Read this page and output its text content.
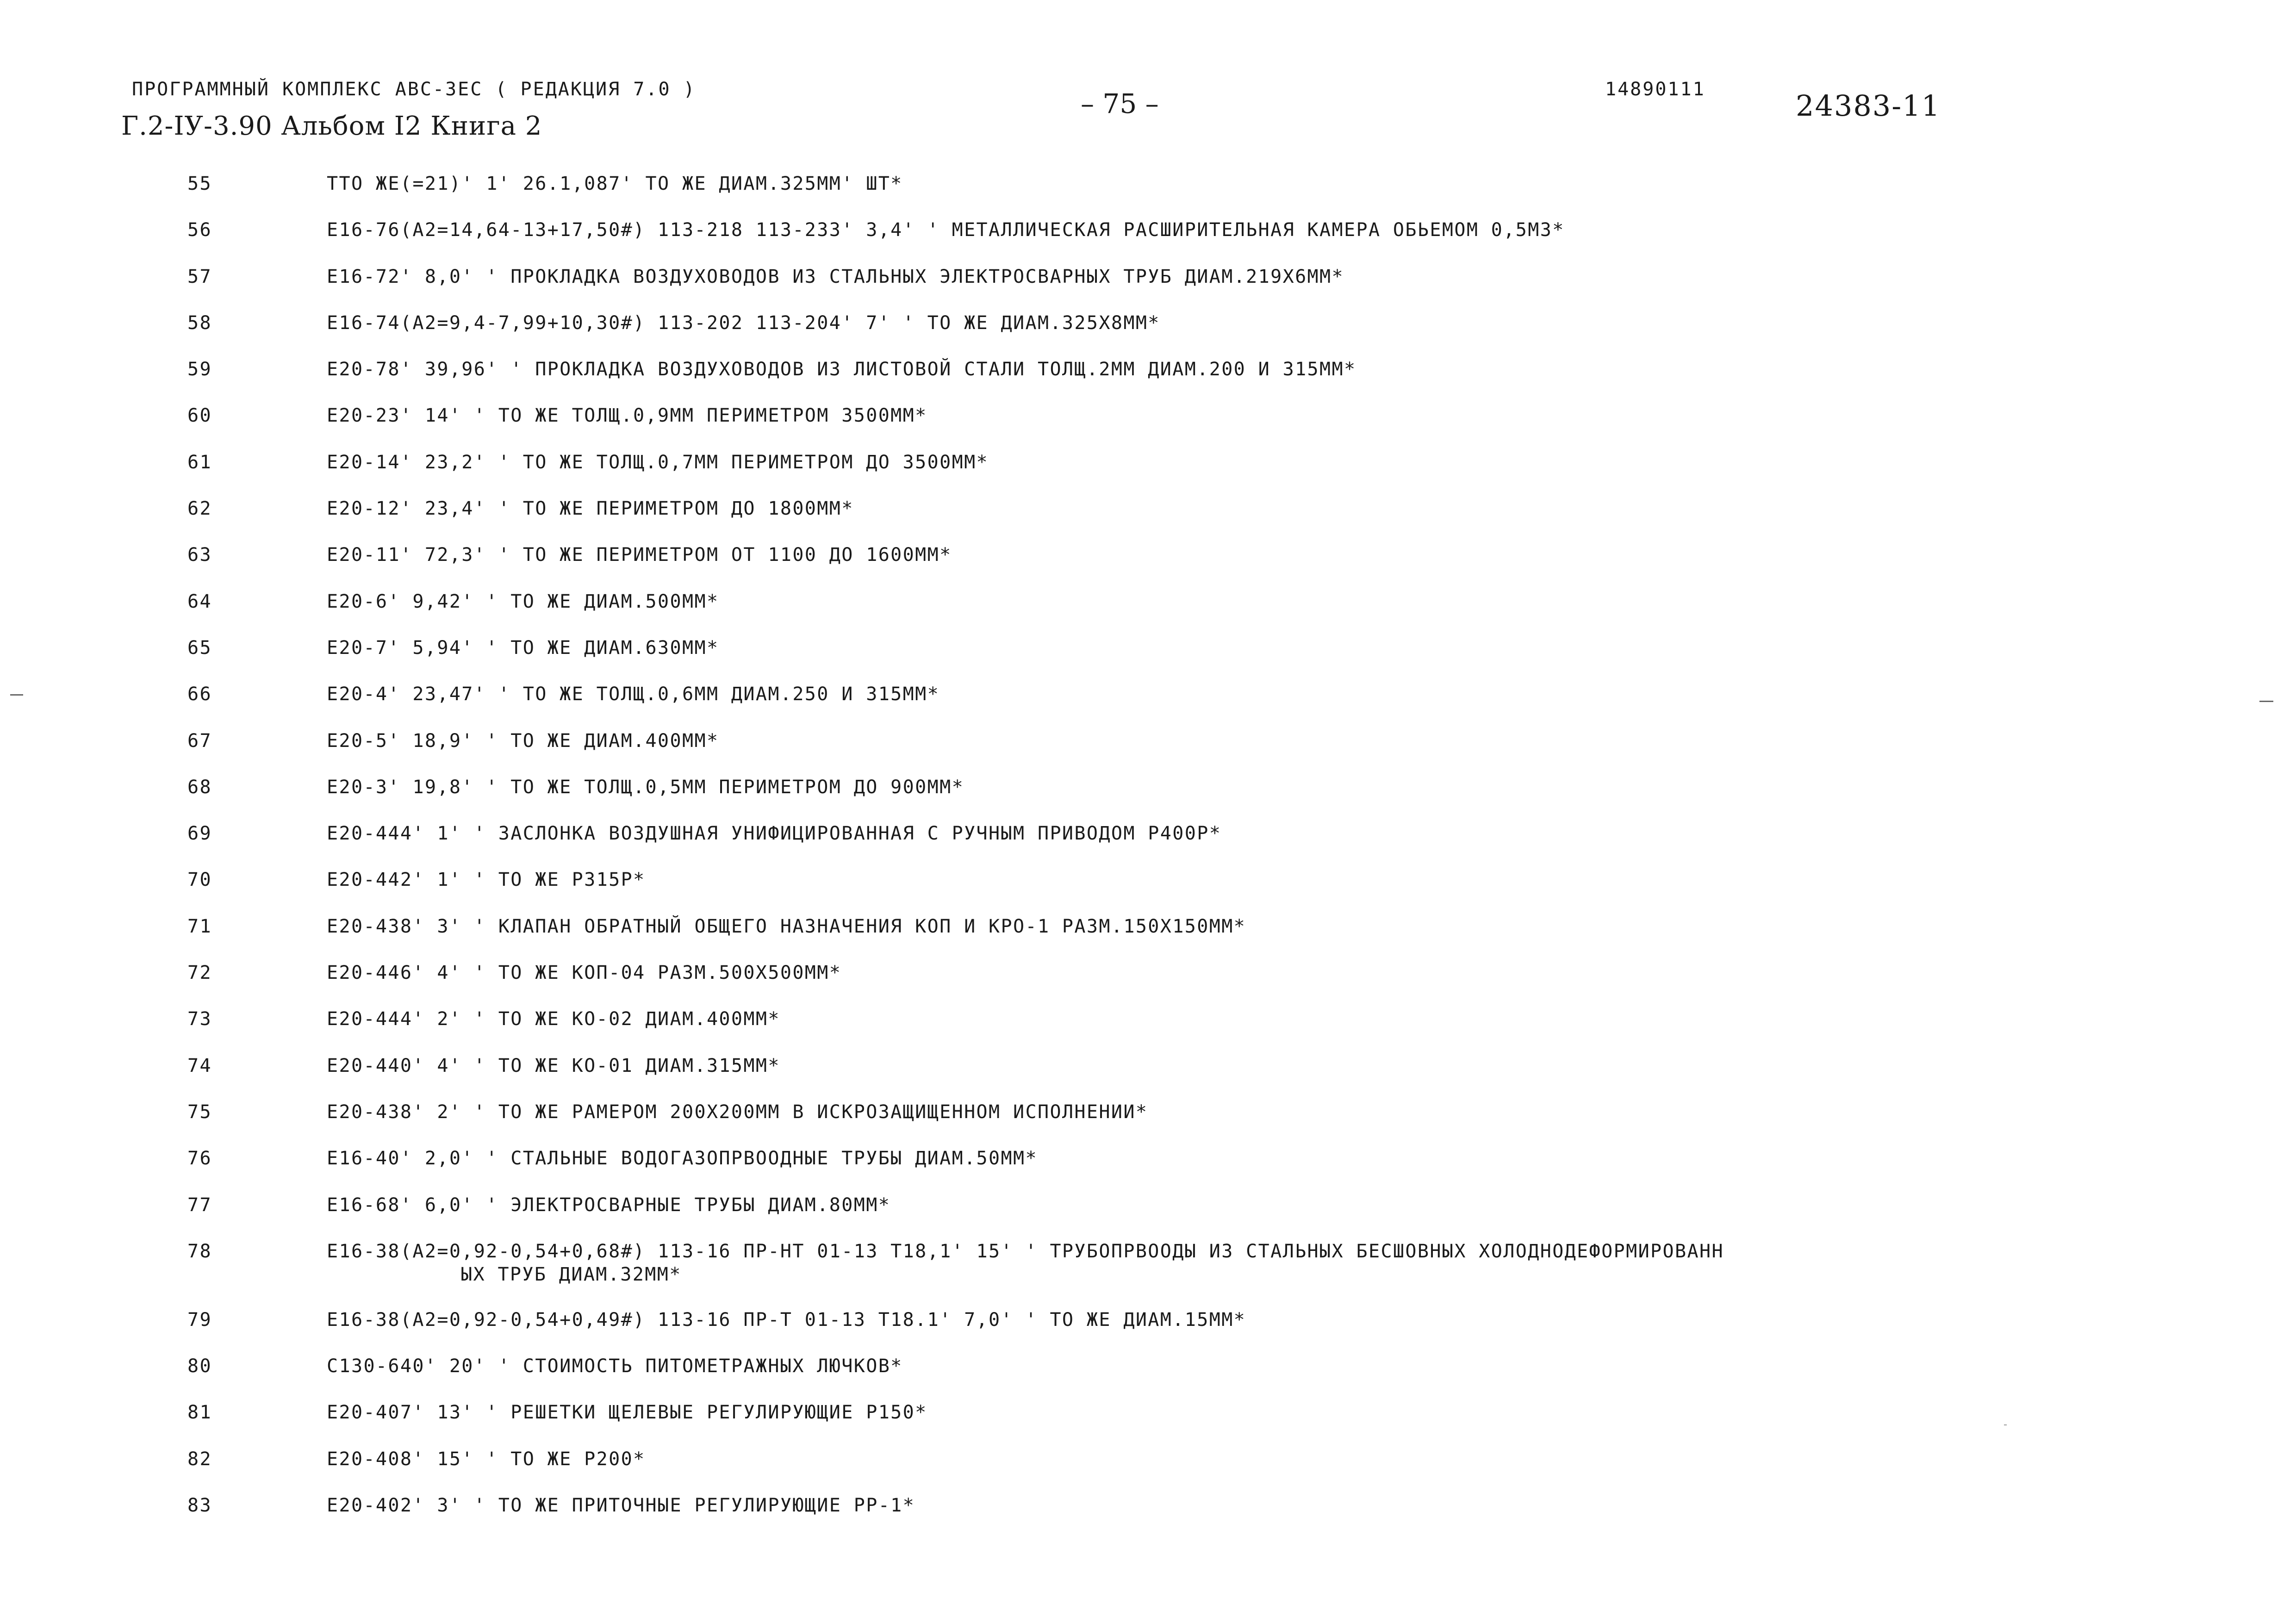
ПРОГРАММНЫЙ КОМПЛЕКС АВС-ЗЕС ( РЕДАКЦИЯ 7.0 )
Г.2-IУ-3.90 Альбом I2 Книга 2
– 75 –	14890111	24383-11
55	ТТО ЖЕ(=21)' 1' 26.1,087' ТО ЖЕ ДИАМ.325ММ' ШТ*
56	Е16-76(А2=14,64-13+17,50#) 113-218 113-233' 3,4' ' МЕТАЛЛИЧЕСКАЯ РАСШИРИТЕЛЬНАЯ КАМЕРА ОБЬЕМОМ 0,5М3*
57	Е16-72' 8,0' ' ПРОКЛАДКА ВОЗДУХОВОДОВ ИЗ СТАЛЬНЫХ ЭЛЕКТРОСВАРНЫХ ТРУБ ДИАМ.219Х6ММ*
58	Е16-74(А2=9,4-7,99+10,30#) 113-202 113-204' 7' ' ТО ЖЕ ДИАМ.325Х8ММ*
59	Е20-78' 39,96' ' ПРОКЛАДКА ВОЗДУХОВОДОВ ИЗ ЛИСТОВОЙ СТАЛИ ТОЛЩ.2ММ ДИАМ.200 И 315ММ*
60	Е20-23' 14' ' ТО ЖЕ ТОЛЩ.0,9ММ ПЕРИМЕТРОМ 3500ММ*
61	Е20-14' 23,2' ' ТО ЖЕ ТОЛЩ.0,7ММ ПЕРИМЕТРОМ ДО 3500ММ*
62	Е20-12' 23,4' ' ТО ЖЕ ПЕРИМЕТРОМ ДО 1800ММ*
63	Е20-11' 72,3' ' ТО ЖЕ ПЕРИМЕТРОМ ОТ 1100 ДО 1600ММ*
64	Е20-6' 9,42' ' ТО ЖЕ ДИАМ.500ММ*
65	Е20-7' 5,94' ' ТО ЖЕ ДИАМ.630ММ*
66	Е20-4' 23,47' ' ТО ЖЕ ТОЛЩ.0,6ММ ДИАМ.250 И 315ММ*
67	Е20-5' 18,9' ' ТО ЖЕ ДИАМ.400ММ*
68	Е20-3' 19,8' ' ТО ЖЕ ТОЛЩ.0,5ММ ПЕРИМЕТРОМ ДО 900ММ*
69	Е20-444' 1' ' ЗАСЛОНКА ВОЗДУШНАЯ УНИФИЦИРОВАННАЯ С РУЧНЫМ ПРИВОДОМ Р400Р*
70	Е20-442' 1' ' ТО ЖЕ Р315Р*
71	Е20-438' 3' ' КЛАПАН ОБРАТНЫЙ ОБЩЕГО НАЗНАЧЕНИЯ КОП И КРО-1 РАЗМ.150Х150ММ*
72	Е20-446' 4' ' ТО ЖЕ КОП-04 РАЗМ.500Х500ММ*
73	Е20-444' 2' ' ТО ЖЕ КО-02 ДИАМ.400ММ*
74	Е20-440' 4' ' ТО ЖЕ КО-01 ДИАМ.315ММ*
75	Е20-438' 2' ' ТО ЖЕ РАМЕРОМ 200Х200ММ В ИСКРОЗАЩИЩЕННОМ ИСПОЛНЕНИИ*
76	Е16-40' 2,0' ' СТАЛЬНЫЕ ВОДОГАЗОПРВООДНЫЕ ТРУБЫ ДИАМ.50ММ*
77	Е16-68' 6,0' ' ЭЛЕКТРОСВАРНЫЕ ТРУБЫ ДИАМ.80ММ*
78	Е16-38(А2=0,92-0,54+0,68#) 113-16 ПР-НТ 01-13 Т18,1' 15' ' ТРУБОПРВООДЫ ИЗ СТАЛЬНЫХ БЕСШОВНЫХ ХОЛОДНОДЕФОРМИРОВАНН
ЫХ ТРУБ ДИАМ.32ММ*
79	Е16-38(А2=0,92-0,54+0,49#) 113-16 ПР-Т 01-13 Т18.1' 7,0' ' ТО ЖЕ ДИАМ.15ММ*
80	С130-640' 20' ' СТОИМОСТЬ ПИТОМЕТРАЖНЫХ ЛЮЧКОВ*
81	Е20-407' 13' ' РЕШЕТКИ ЩЕЛЕВЫЕ РЕГУЛИРУЮЩИЕ Р150*
82	Е20-408' 15' ' ТО ЖЕ Р200*
83	Е20-402' 3' ' ТО ЖЕ ПРИТОЧНЫЕ РЕГУЛИРУЮЩИЕ РР-1*
